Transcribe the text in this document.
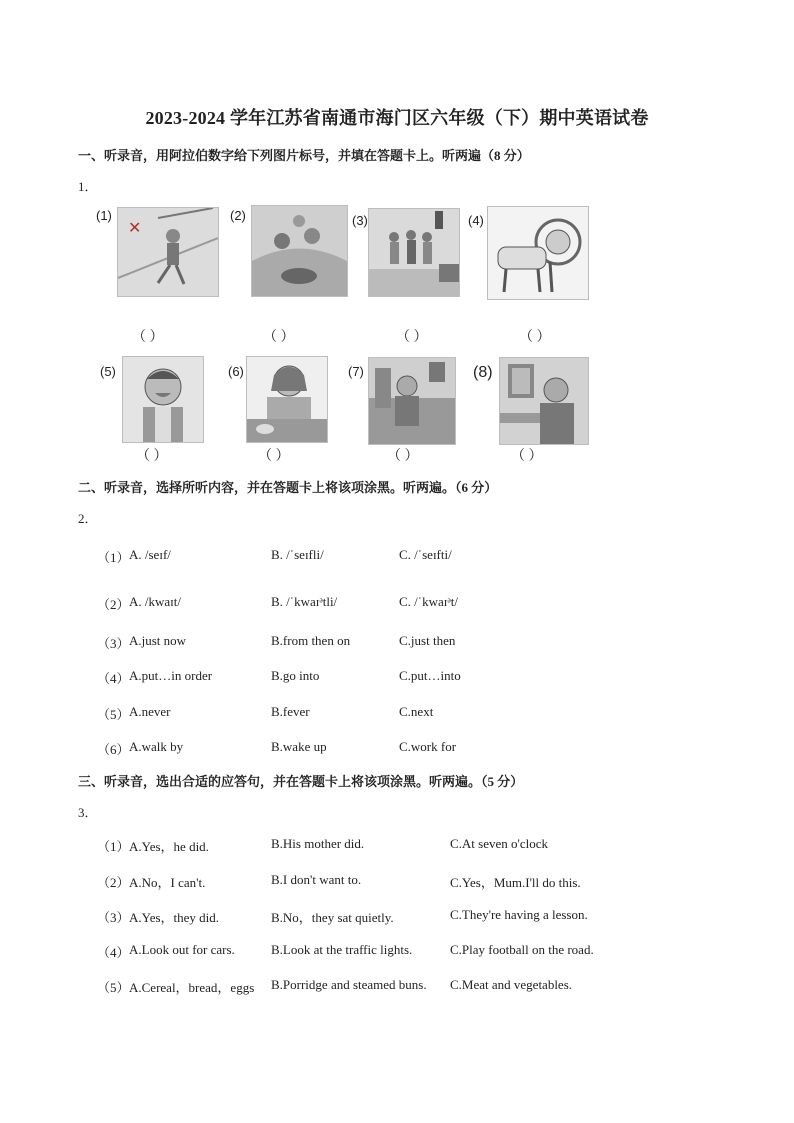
2023-2024 学年江苏省南通市海门区六年级（下）期中英语试卷
一、听录音，用阿拉伯数字给下列图片标号，并填在答题卡上。听两遍（8 分）
1．
(1)
✕
(2)	(3)	(4)
（ ）	（ ）	（ ）	（ ）
(5)	(6)	(7)	(8)
（ ）	（ ）	（ ）	（ ）
二、听录音，选择所听内容，并在答题卡上将该项涂黑。听两遍。（6 分）
2．
（1） A. /seɪf/	B. /ˈseɪfli/	C. /ˈseɪfti/
（2） A. /kwaɪt/	B. /ˈkwaɪᵊtli/	C. /ˈkwaɪᵊt/
（3） A.just now	B.from then on	C.just then
（4） A.put…in order	B.go into	C.put…into
（5） A.never	B.fever	C.next
（6） A.walk by	B.wake up	C.work for
三、听录音，选出合适的应答句，并在答题卡上将该项涂黑。听两遍。（5 分）
3．
（1） A.Yes，he did.	B.His mother did.	C.At seven o'clock
（2） A.No，I can't.	B.I don't want to.	C.Yes，Mum.I'll do this.
（3） A.Yes，they did.	B.No，they sat quietly.	C.They're having a lesson.
（4） A.Look out for cars.	B.Look at the traffic lights.	C.Play football on the road.
（5） A.Cereal，bread，eggs B.Porridge and steamed buns. C.Meat and vegetables.
